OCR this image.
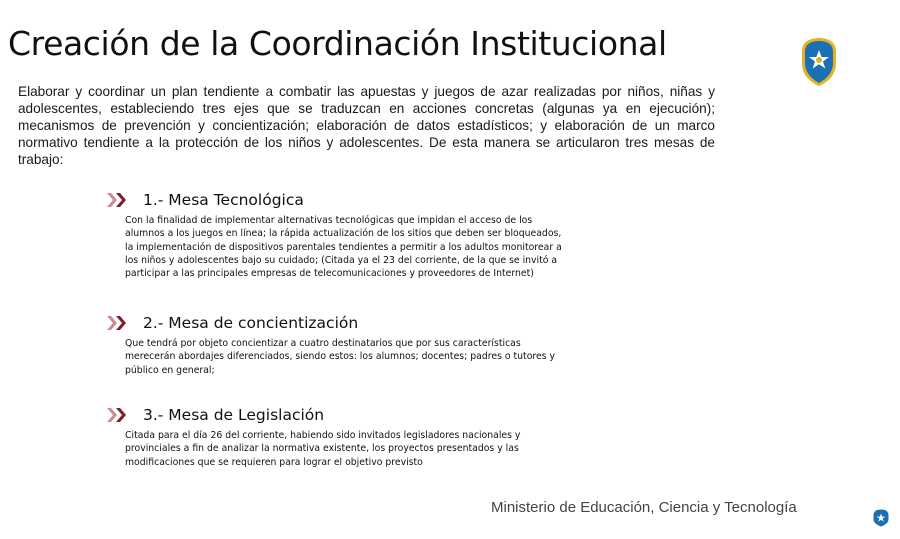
Creación de la Coordinación Institucional

Elaborar y coordinar un plan tendiente a combatir las apuestas y juegos de azar realizadas por niños, niñas y adolescentes, estableciendo tres ejes que se traduzcan en acciones concretas (algunas ya en ejecución); mecanismos de prevención y concientización; elaboración de datos estadísticos; y elaboración de un marco normativo tendiente a la protección de los niños y adolescentes. De esta manera se articularon tres mesas de trabajo:

1.- Mesa Tecnológica

Con la finalidad de implementar alternativas tecnológicas que impidan el acceso de los alumnos a los juegos en línea; la rápida actualización de los sitios que deben ser bloqueados, la implementación de dispositivos parentales tendientes a permitir a los adultos monitorear a los niños y adolescentes bajo su cuidado; (Citada ya el 23 del corriente, de la que se invitó a participar a las principales empresas de telecomunicaciones y proveedores de Internet)

2.- Mesa de concientización

Que tendrá por objeto concientizar a cuatro destinatarios que por sus características merecerán abordajes diferenciados, siendo estos: los alumnos; docentes; padres o tutores y público en general;

3.- Mesa de Legislación

Citada para el día 26 del corriente, habiendo sido invitados legisladores nacionales y provinciales a fin de analizar la normativa existente, los proyectos presentados y las modificaciones que se requieren para lograr el objetivo previsto

Ministerio de Educación, Ciencia y Tecnología
